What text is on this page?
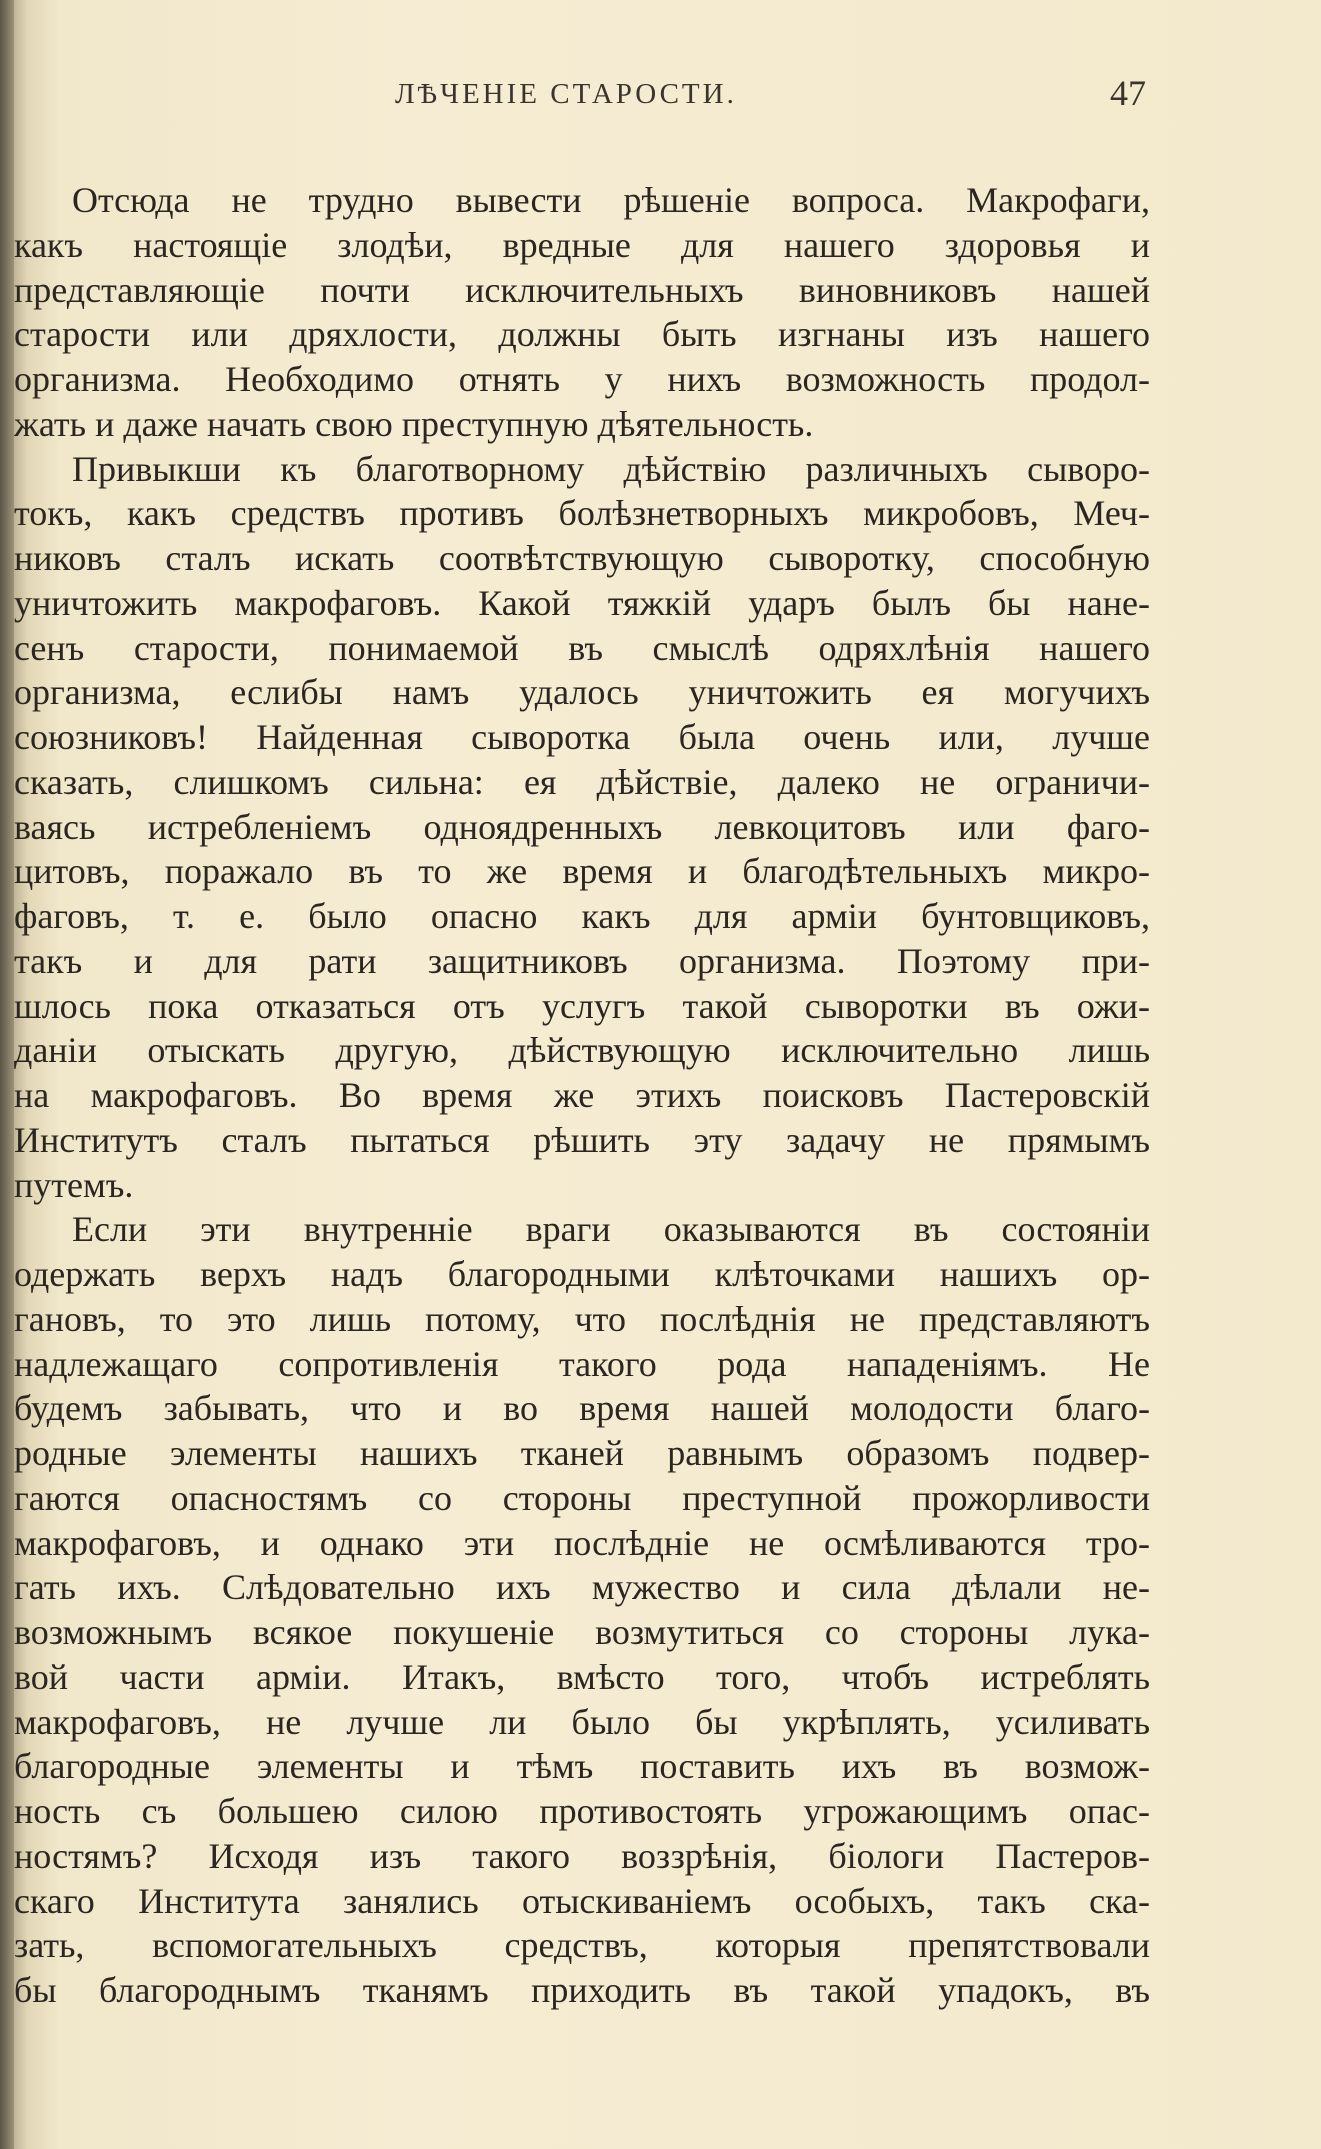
ЛѢЧЕНІЕ СТАРОСТИ.	47
Отсюда не трудно вывести рѣшеніе вопроса. Макрофаги,
какъ настоящіе злодѣи, вредные для нашего здоровья и
представляющіе почти исключительныхъ виновниковъ нашей
старости или дряхлости, должны быть изгнаны изъ нашего
организма. Необходимо отнять у нихъ возможность продол-
жать и даже начать свою преступную дѣятельность.
Привыкши къ благотворному дѣйствію различныхъ сыворо-
токъ, какъ средствъ противъ болѣзнетворныхъ микробовъ, Меч-
никовъ сталъ искать соотвѣтствующую сыворотку, способную
уничтожить макрофаговъ. Какой тяжкій ударъ былъ бы нане-
сенъ старости, понимаемой въ смыслѣ одряхлѣнія нашего
организма, еслибы намъ удалось уничтожить ея могучихъ
союзниковъ! Найденная сыворотка была очень или, лучше
сказать, слишкомъ сильна: ея дѣйствіе, далеко не ограничи-
ваясь истребленіемъ одноядренныхъ левкоцитовъ или фаго-
цитовъ, поражало въ то же время и благодѣтельныхъ микро-
фаговъ, т. е. было опасно какъ для арміи бунтовщиковъ,
такъ и для рати защитниковъ организма. Поэтому при-
шлось пока отказаться отъ услугъ такой сыворотки въ ожи-
даніи отыскать другую, дѣйствующую исключительно лишь
на макрофаговъ. Во время же этихъ поисковъ Пастеровскій
Институтъ сталъ пытаться рѣшить эту задачу не прямымъ
путемъ.
Если эти внутренніе враги оказываются въ состояніи
одержать верхъ надъ благородными клѣточками нашихъ ор-
гановъ, то это лишь потому, что послѣднія не представляютъ
надлежащаго сопротивленія такого рода нападеніямъ. Не
будемъ забывать, что и во время нашей молодости благо-
родные элементы нашихъ тканей равнымъ образомъ подвер-
гаются опасностямъ со стороны преступной прожорливости
макрофаговъ, и однако эти послѣдніе не осмѣливаются тро-
гать ихъ. Слѣдовательно ихъ мужество и сила дѣлали не-
возможнымъ всякое покушеніе возмутиться со стороны лука-
вой части арміи. Итакъ, вмѣсто того, чтобъ истреблять
макрофаговъ, не лучше ли было бы укрѣплять, усиливать
благородные элементы и тѣмъ поставить ихъ въ возмож-
ность съ большею силою противостоять угрожающимъ опас-
ностямъ? Исходя изъ такого воззрѣнія, біологи Пастеров-
скаго Института занялись отыскиваніемъ особыхъ, такъ ска-
зать, вспомогательныхъ средствъ, которыя препятствовали
бы благороднымъ тканямъ приходить въ такой упадокъ, въ
